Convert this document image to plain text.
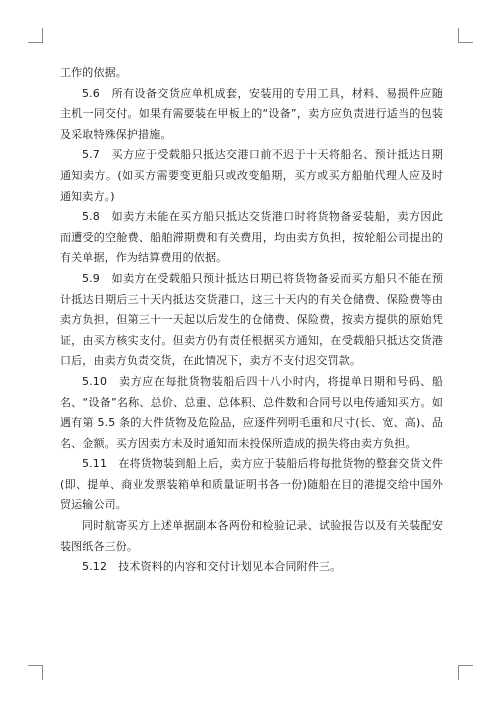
工作的依据。

5.6　所有设备交货应单机成套，安装用的专用工具，材料、易损件应随主机一同交付。如果有需要装在甲板上的“设备”，卖方应负责进行适当的包装及采取特殊保护措施。

5.7　买方应于受载船只抵达交港口前不迟于十天将船名、预计抵达日期通知卖方。(如买方需要变更船只或改变船期，买方或买方船舶代理人应及时通知卖方。)

5.8　如卖方未能在买方船只抵达交货港口时将货物备妥装船，卖方因此而遭受的空舱费、船舶滞期费和有关费用，均由卖方负担，按轮船公司提出的有关单据，作为结算费用的依据。

5.9　如卖方在受载船只预计抵达日期已将货物备妥而买方船只不能在预计抵达日期后三十天内抵达交货港口，这三十天内的有关仓储费、保险费等由卖方负担，但第三十一天起以后发生的仓储费、保险费，按卖方提供的原始凭证，由买方核实支付。但卖方仍有责任根据买方通知，在受载船只抵达交货港口后，由卖方负责交货，在此情况下，卖方不支付迟交罚款。

5.10　卖方应在每批货物装船后四十八小时内，将提单日期和号码、船名、“设备”名称、总价、总重、总体积、总件数和合同号以电传通知买方。如遇有第 5.5 条的大件货物及危险品，应逐件列明毛重和尺寸(长、宽、高)、品名、金额。买方因卖方未及时通知而未投保所造成的损失将由卖方负担。

5.11　在将货物装到船上后，卖方应于装船后将每批货物的整套交货文件(即、提单、商业发票装箱单和质量证明书各一份)随船在目的港提交给中国外贸运输公司。

同时航寄买方上述单据副本各两份和检验记录、试验报告以及有关装配安装图纸各三份。

5.12　技术资料的内容和交付计划见本合同附件三。
